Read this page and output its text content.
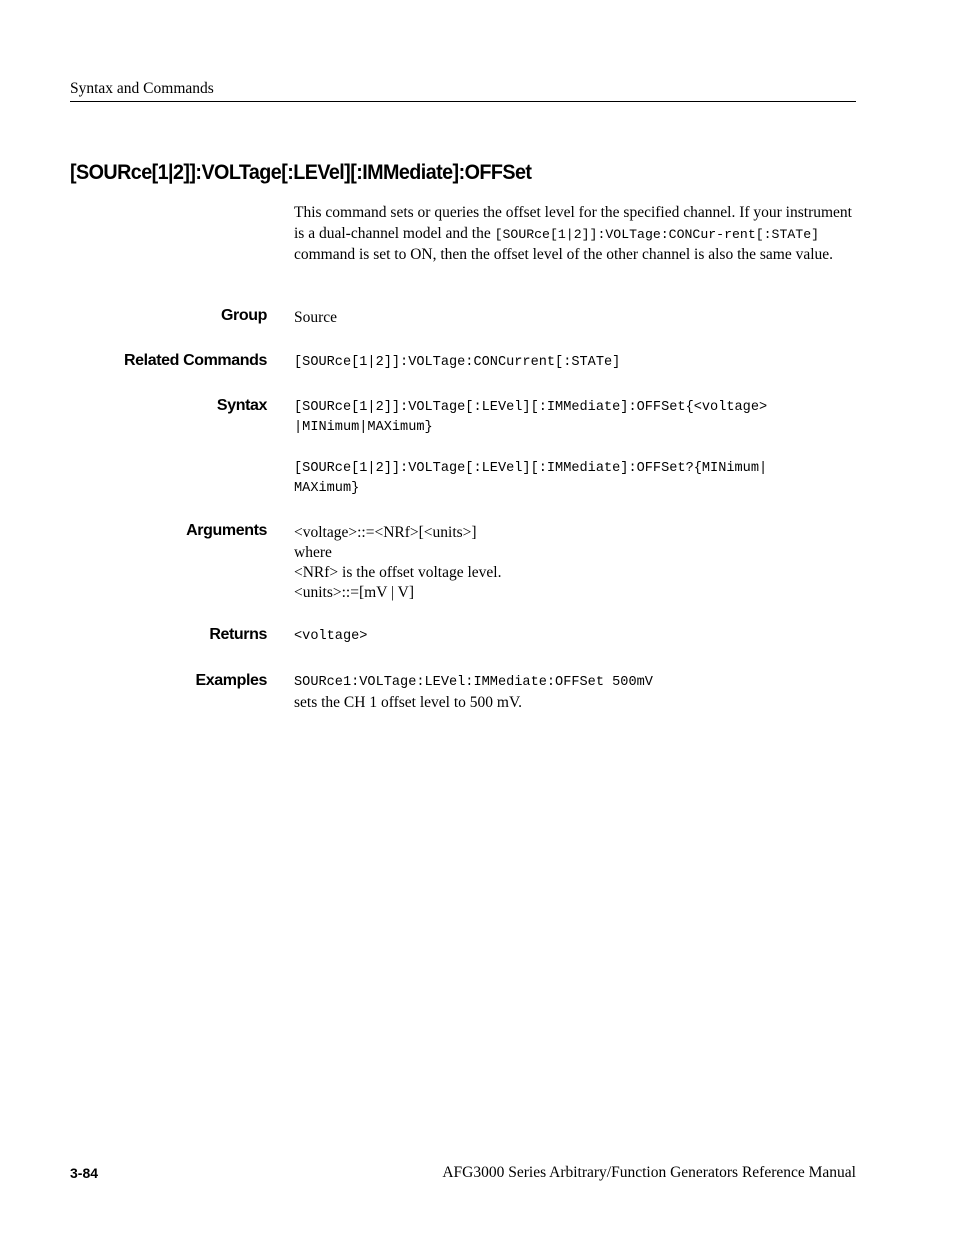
Syntax and Commands
[SOURce[1|2]]:VOLTage[:LEVel][:IMMediate]:OFFSet
This command sets or queries the offset level for the specified channel. If your instrument is a dual-channel model and the [SOURce[1|2]]:VOLTage:CONCur-rent[:STATe] command is set to ON, then the offset level of the other channel is also the same value.
Group Source
Related Commands [SOURce[1|2]]:VOLTage:CONCurrent[:STATe]
Syntax [SOURce[1|2]]:VOLTage[:LEVel][:IMMediate]:OFFSet{<voltage>
|MINimum|MAXimum}
[SOURce[1|2]]:VOLTage[:LEVel][:IMMediate]:OFFSet?{MINimum|
MAXimum}
Arguments <voltage>::=<NRf>[<units>]
where
<NRf> is the offset voltage level.
<units>::=[mV | V]
Returns <voltage>
Examples SOURce1:VOLTage:LEVel:IMMediate:OFFSet 500mV
sets the CH 1 offset level to 500 mV.
3-84	AFG3000 Series Arbitrary/Function Generators Reference Manual
